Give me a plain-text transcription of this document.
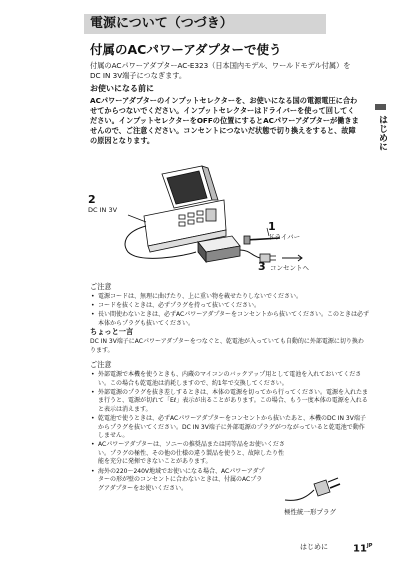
電源について（つづき）
はじめに
付属のACパワーアダプターで使う
付属のACパワーアダプターAC-E323（日本国内モデル、ワールドモデル付属）をDC IN 3V端子につなぎます。
お使いになる前に
ACパワーアダプターのインプットセレクターを、お使いになる国の電源電圧に合わせてからつないでください。インプットセレクターはドライバーを使って回してください。インプットセレクターをOFFの位置にするとACパワーアダプターが働きませんので、ご注意ください。コンセントにつないだ状態で切り換えをすると、故障の原因となります。
2
DC IN 3V
1
ドライバー
3 コンセントへ
ご注意
• 電源コードは、無理に曲げたり、上に重い物を載せたりしないでください。
• コードを抜くときは、必ずプラグを持って抜いてください。
• 長い間使わないときは、必ずACパワーアダプターをコンセントから抜いてください。このときは必ず本体からプラグも抜いてください。
ちょっと一言
DC IN 3V端子にACパワーアダプターをつなぐと、乾電池が入っていても自動的に外部電源に切り換わります。
ご注意
• 外部電源で本機を使うときも、内蔵のマイコンのバックアップ用として電池を入れておいてください。この場合も乾電池は消耗しますので、約1年で交換してください。
• 外部電源のプラグを抜き差しするときは、本体の電源を切ってから行ってください。電源を入れたまま行うと、電源が切れて「Eℓ」表示が出ることがあります。この場合、もう一度本体の電源を入れると表示は消えます。
• 乾電池で使うときは、必ずACパワーアダプターをコンセントから抜いたあと、本機のDC IN 3V端子からプラグを抜いてください。DC IN 3V端子に外部電源のプラグがつながっていると乾電池で動作しません。
• ACパワーアダプターは、ソニーの推奨品または同等品をお使いください。プラグの極性、その他の仕様の違う製品を使うと、故障したり性能を充分に発揮できないことがあります。
• 海外の220〜240V地域でお使いになる場合、ACパワーアダプターの形が壁のコンセントに合わないときは、付属のACプラグアダプターをお使いください。
極性統一形プラグ
はじめに	$11^{JP}$
